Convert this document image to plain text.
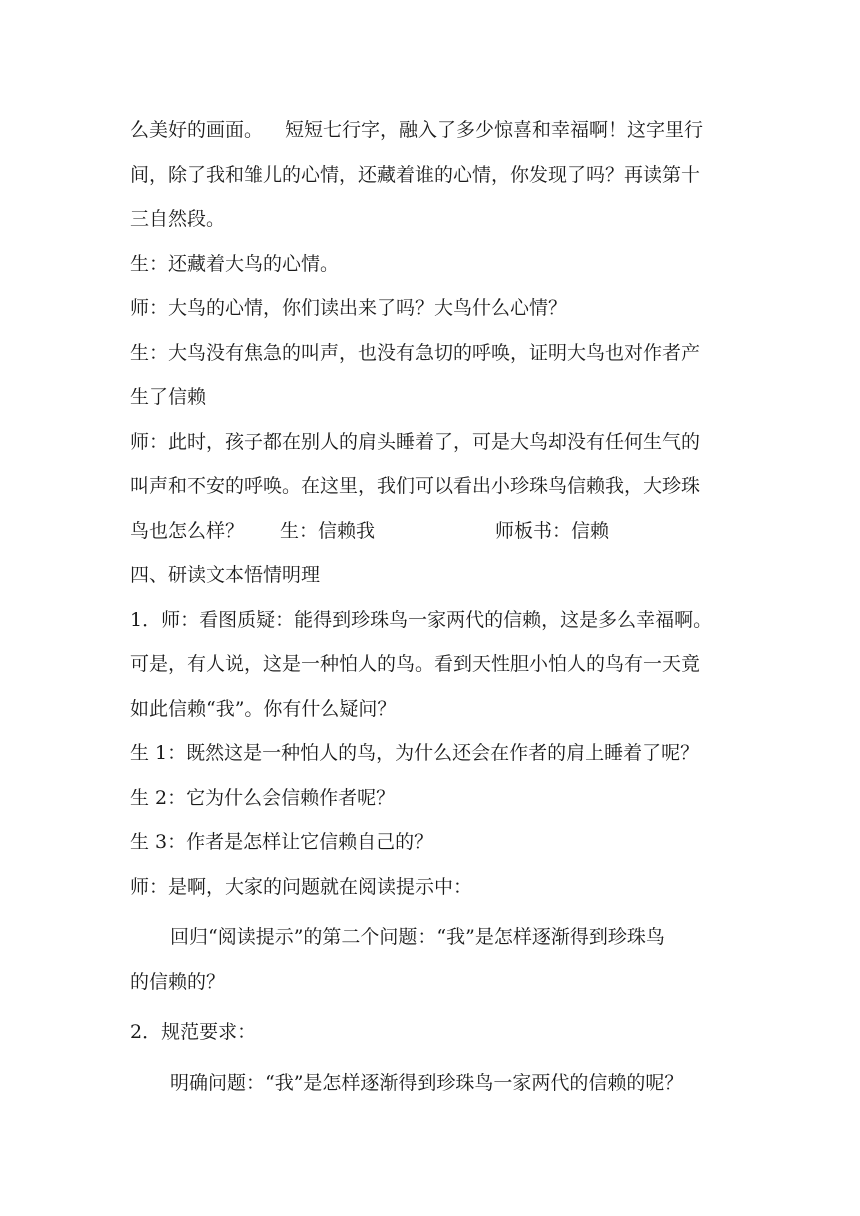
么美好的画面。 短短七行字，融入了多少惊喜和幸福啊！这字里行
间，除了我和雏儿的心情，还藏着谁的心情，你发现了吗？再读第十
三自然段。
生：还藏着大鸟的心情。
师：大鸟的心情，你们读出来了吗？大鸟什么心情？
生：大鸟没有焦急的叫声，也没有急切的呼唤，证明大鸟也对作者产
生了信赖
师：此时，孩子都在别人的肩头睡着了，可是大鸟却没有任何生气的
叫声和不安的呼唤。在这里，我们可以看出小珍珠鸟信赖我，大珍珠
鸟也怎么样？ 生：信赖我	师板书：信赖
四、研读文本悟情明理
1．师：看图质疑：能得到珍珠鸟一家两代的信赖，这是多么幸福啊。
可是，有人说，这是一种怕人的鸟。看到天性胆小怕人的鸟有一天竟
如此信赖“我”。你有什么疑问？
生 1：既然这是一种怕人的鸟，为什么还会在作者的肩上睡着了呢？
生 2：它为什么会信赖作者呢？
生 3：作者是怎样让它信赖自己的？
师：是啊，大家的问题就在阅读提示中：
回归“阅读提示”的第二个问题：“我”是怎样逐渐得到珍珠鸟
的信赖的？
2．规范要求：
明确问题：“我”是怎样逐渐得到珍珠鸟一家两代的信赖的呢？
